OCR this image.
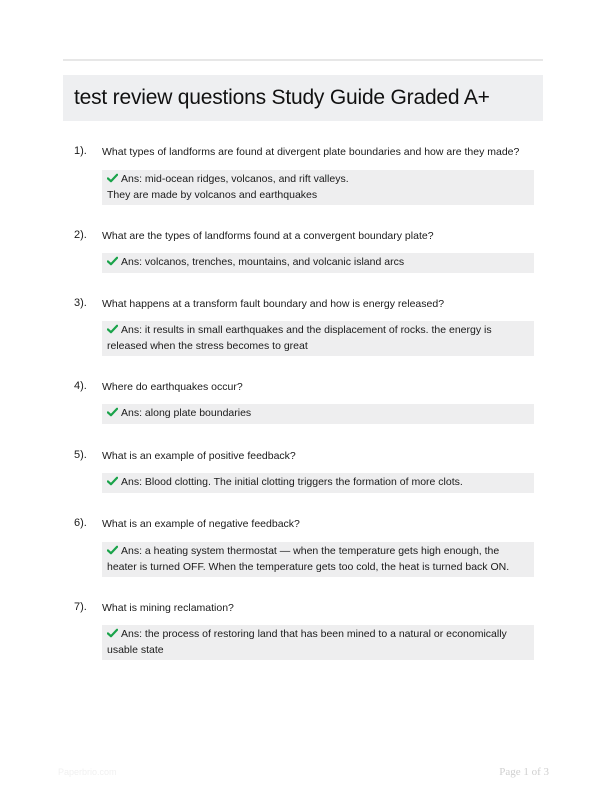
test review questions Study Guide Graded A+
1). What types of landforms are found at divergent plate boundaries and how are they made?
Ans: mid-ocean ridges, volcanos, and rift valleys.
They are made by volcanos and earthquakes
2). What are the types of landforms found at a convergent boundary plate?
Ans: volcanos, trenches, mountains, and volcanic island arcs
3). What happens at a transform fault boundary and how is energy released?
Ans: it results in small earthquakes and the displacement of rocks. the energy is
released when the stress becomes to great
4). Where do earthquakes occur?
Ans: along plate boundaries
5). What is an example of positive feedback?
Ans: Blood clotting. The initial clotting triggers the formation of more clots.
6). What is an example of negative feedback?
Ans: a heating system thermostat — when the temperature gets high enough, the
heater is turned OFF. When the temperature gets too cold, the heat is turned back ON.
7). What is mining reclamation?
Ans: the process of restoring land that has been mined to a natural or economically
usable state
Paperbrio.com	Page 1 of 3
